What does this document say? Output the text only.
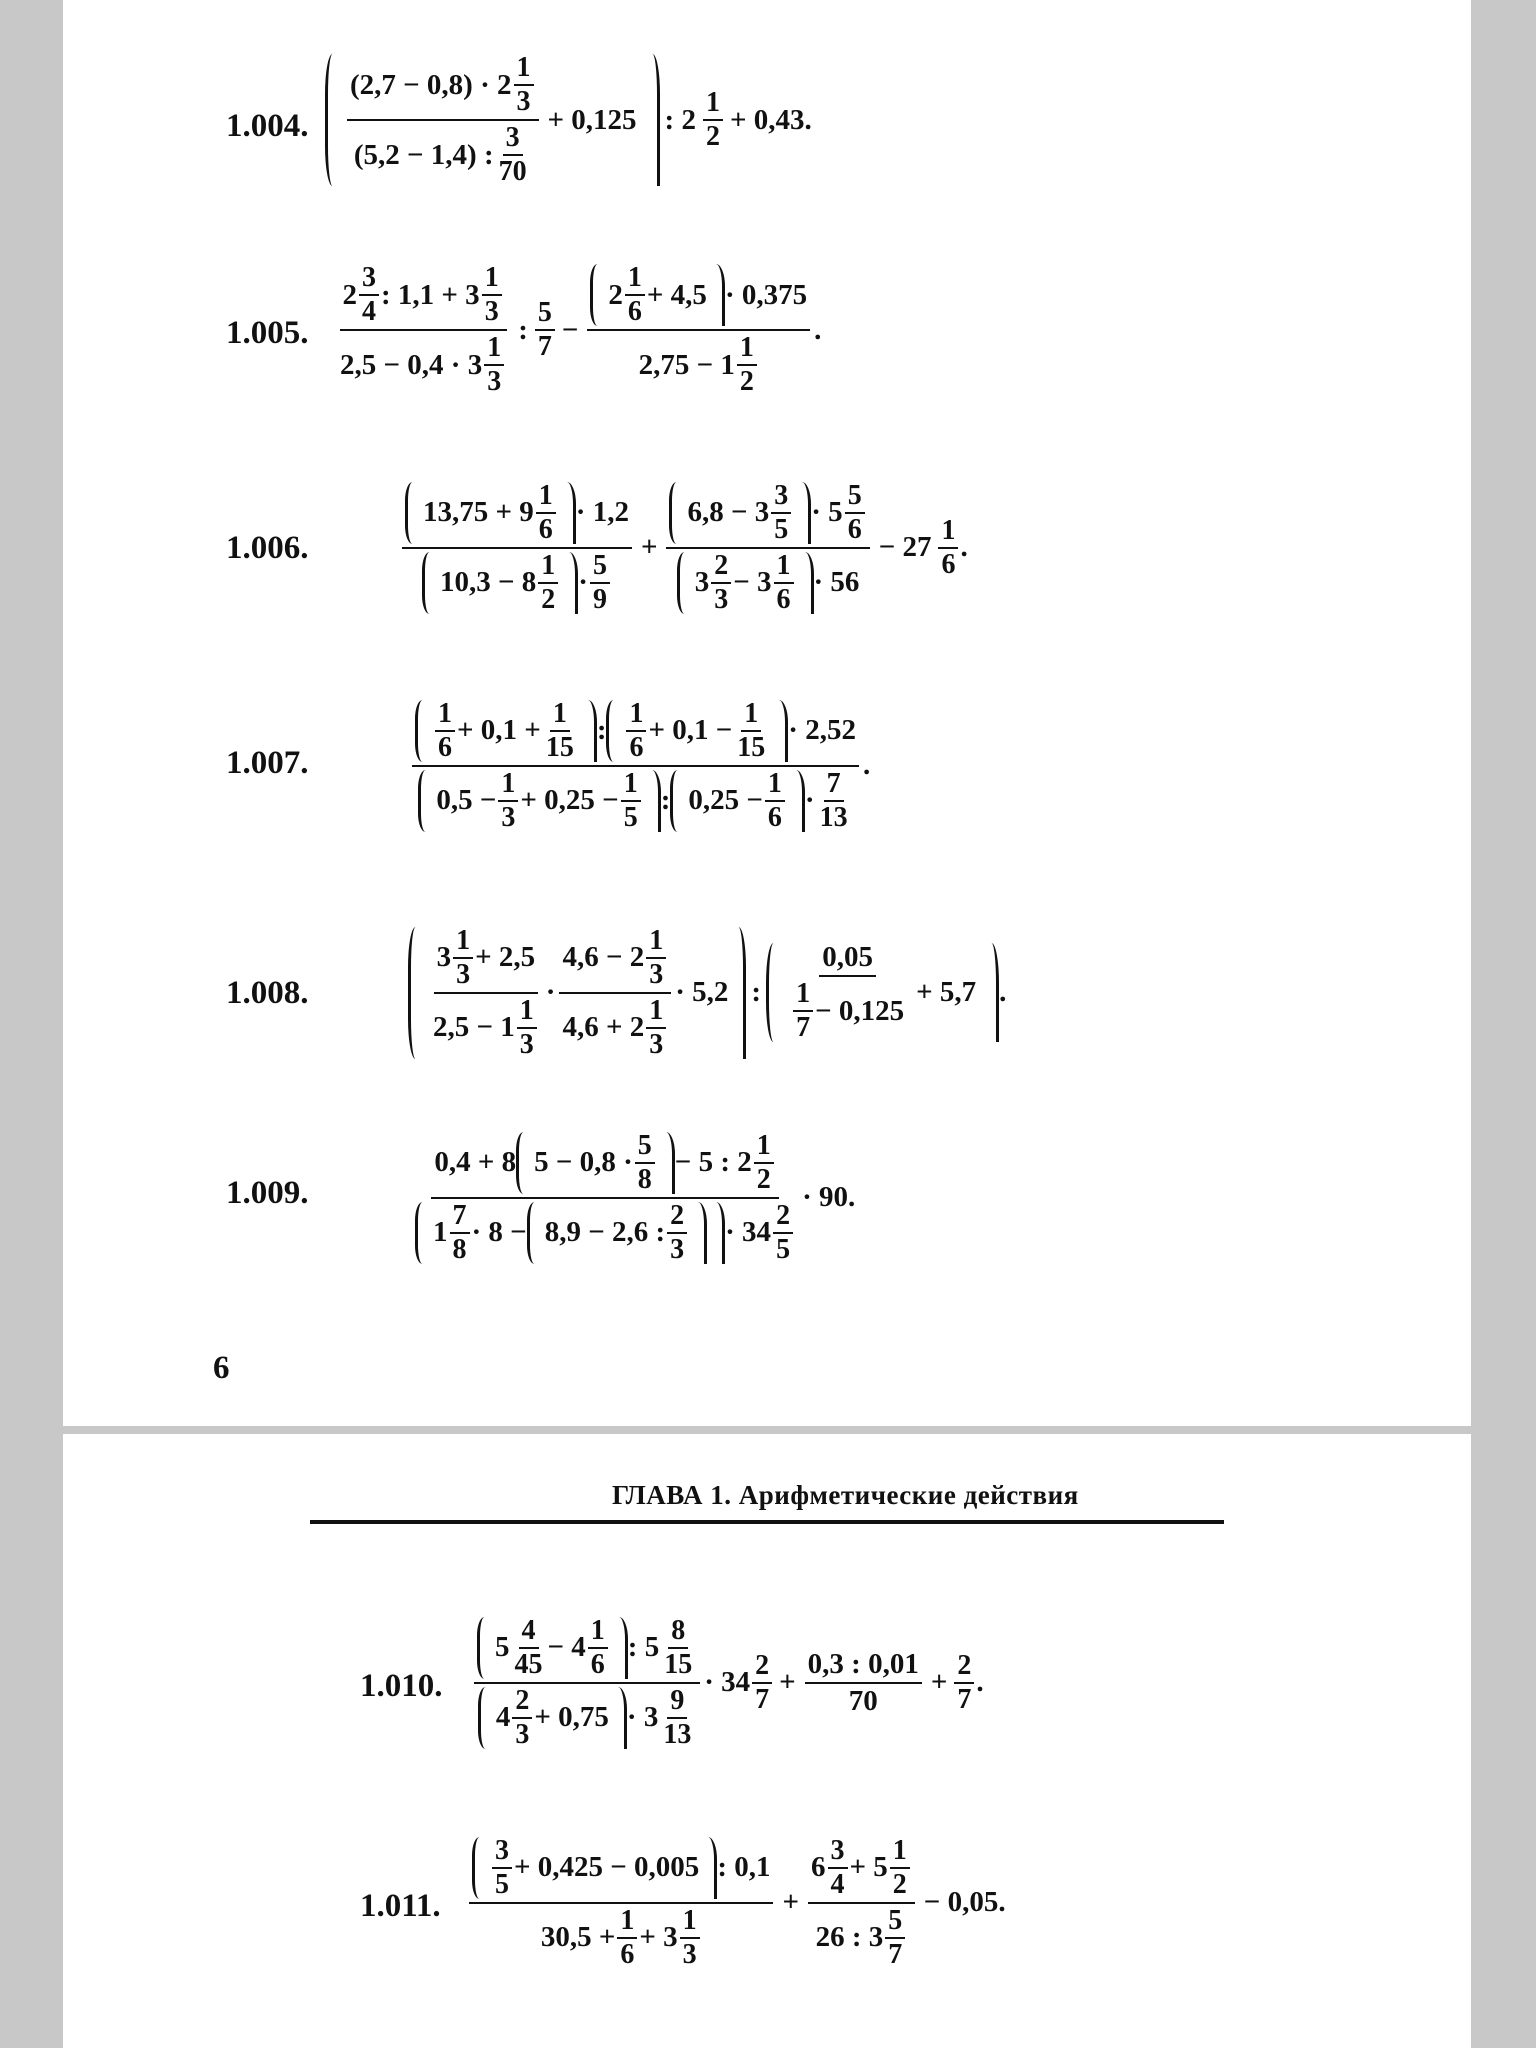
1.004.
(2,7 − 0,8) · 2
1
3
(5,2 − 1,4) :
3
70
+ 0,125 : 2
1
2
+ 0,43.
1.005.
2
3
4
: 1,1 + 3
1
3
2,5 − 0,4 · 3
1
3
:
5
7
− 2
1
6
+ 4,5 · 0,375
2,75 − 1
1
2 .
1.006.
13,75 + 9
1
6
· 1,2
10,3 − 8
1
2
·
5
9
+ 6,8 − 3
3
5
· 5
5
6
3
2
3
− 3
1
6
· 56 − 27
1
6
.
1.007.
1
6
+ $0,1 + \frac{1}{15}$ :
1
6
+ $0,1 - \frac{1}{15} \cdot 2,52$
$0,5 - \frac{1}{3} + 0,25 - \frac{1}{5}$ : $0,25 - \frac{1}{6}$ ·
7
13
.
1.008.
3
1
3
+ 2,5
2,5 − 1
1
3
·
4,6 − 2
1
3
4,6 + 2
1
3
· 5,2 :
0,05
1
7
− 0,125
+ 5,7 .
1.009.
0,4 + 8 5 − 0,8 ·
5
8
− 5 : 2
1
2
1
7
8
· 8 − 8,9 − 2,6 :
2
3
· 34
2
5
· 90.
6
ГЛАВА 1. Арифметические действия
1.010.
5
4
45
− 4
1
6
: 5
8
15
4
2
3
+ 0,75 · 3
9
13
· 34
2
7
+ $\frac{0,3 : 0,01}{70} + \frac{2}{7}$ .
1.011.
3
5
+ 0,425 − 0,005 : 0,1
$30,5 + \frac{1}{6} + 3$
1
3
+ 6
3
4
+ 5
1
2
26 : 3
5
7 − 0,05.
